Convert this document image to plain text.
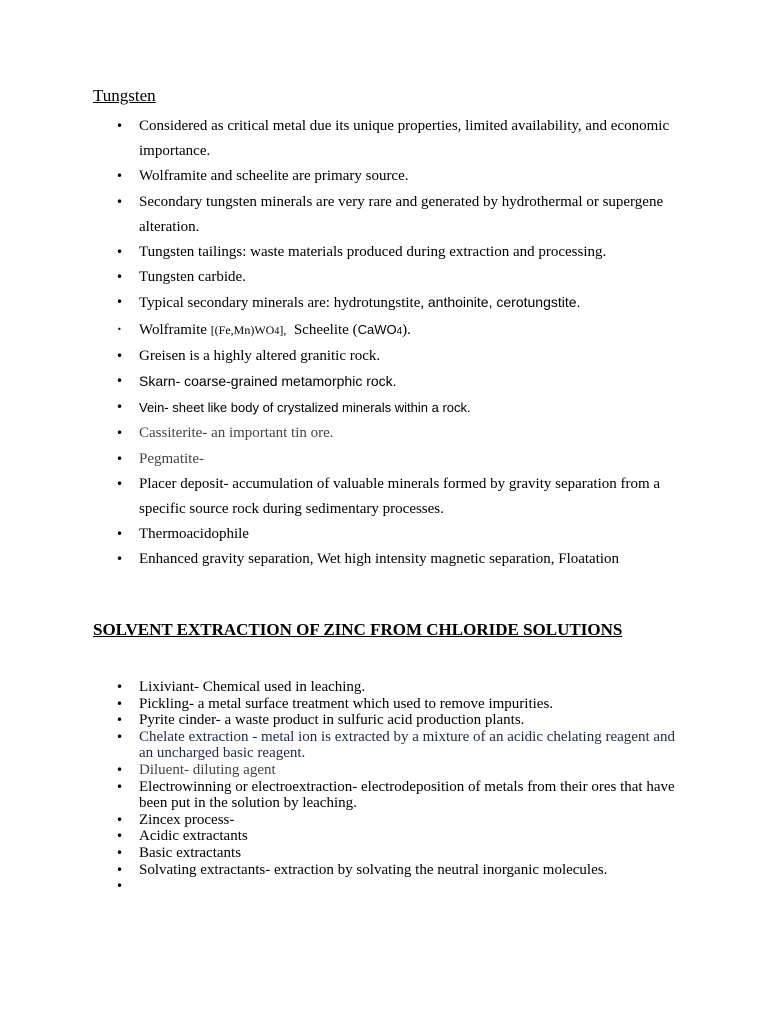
Tungsten
• Considered as critical metal due its unique properties, limited availability, and economic importance.
• Wolframite and scheelite are primary source.
• Secondary tungsten minerals are very rare and generated by hydrothermal or supergene alteration.
• Tungsten tailings: waste materials produced during extraction and processing.
• Tungsten carbide.
• Typical secondary minerals are: hydrotungstite, anthoinite, cerotungstite.
• Wolframite [(Fe,Mn)WO4], Scheelite (CaWO4).
• Greisen is a highly altered granitic rock.
• Skarn- coarse-grained metamorphic rock.
• Vein- sheet like body of crystalized minerals within a rock.
• Cassiterite- an important tin ore.
• Pegmatite-
• Placer deposit- accumulation of valuable minerals formed by gravity separation from a specific source rock during sedimentary processes.
• Thermoacidophile
• Enhanced gravity separation, Wet high intensity magnetic separation, Floatation
SOLVENT EXTRACTION OF ZINC FROM CHLORIDE SOLUTIONS
• Lixiviant- Chemical used in leaching.
• Pickling- a metal surface treatment which used to remove impurities.
• Pyrite cinder- a waste product in sulfuric acid production plants.
• Chelate extraction - metal ion is extracted by a mixture of an acidic chelating reagent and an uncharged basic reagent.
• Diluent- diluting agent
• Electrowinning or electroextraction- electrodeposition of metals from their ores that have been put in the solution by leaching.
• Zincex process-
• Acidic extractants
• Basic extractants
• Solvating extractants- extraction by solvating the neutral inorganic molecules.
•
